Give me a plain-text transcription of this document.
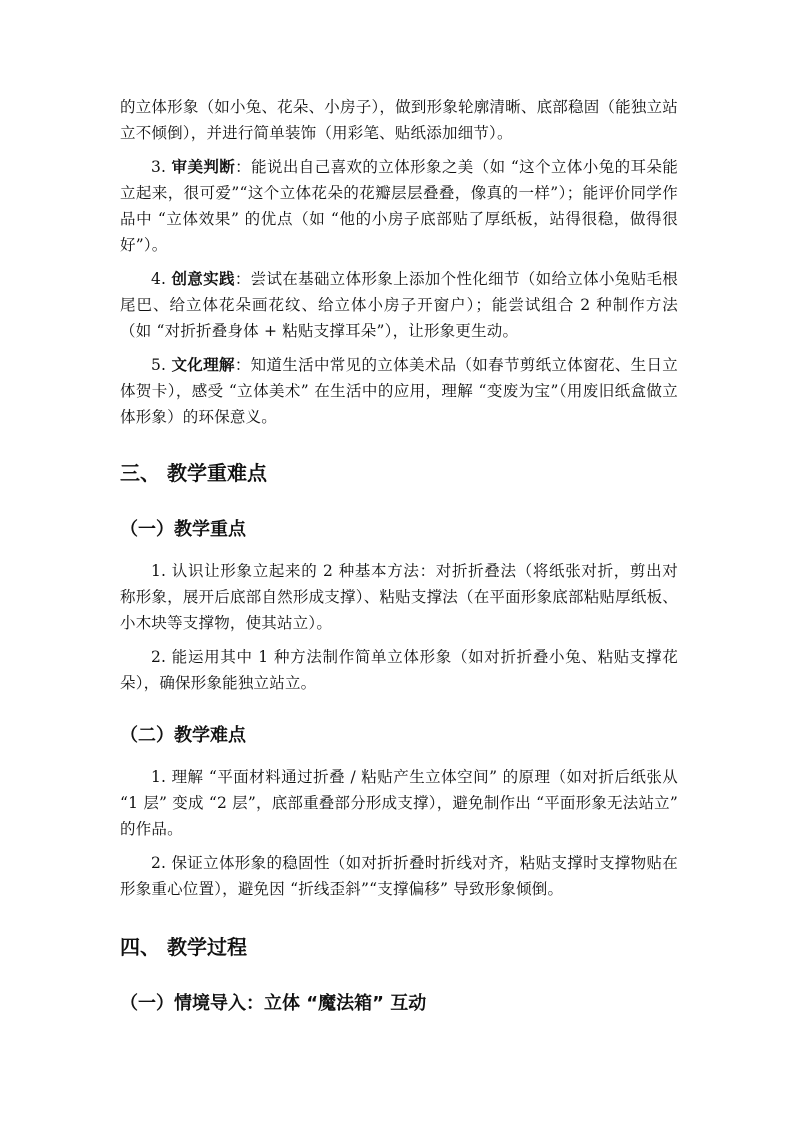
的立体形象（如小兔、花朵、小房子），做到形象轮廓清晰、底部稳固（能独立站立不倾倒），并进行简单装饰（用彩笔、贴纸添加细节）。

3. 审美判断：能说出自己喜欢的立体形象之美（如 “这个立体小兔的耳朵能立起来，很可爱”“这个立体花朵的花瓣层层叠叠，像真的一样”）；能评价同学作品中 “立体效果” 的优点（如 “他的小房子底部贴了厚纸板，站得很稳，做得很好”）。

4. 创意实践：尝试在基础立体形象上添加个性化细节（如给立体小兔贴毛根尾巴、给立体花朵画花纹、给立体小房子开窗户）；能尝试组合 2 种制作方法（如 “对折折叠身体 + 粘贴支撑耳朵”），让形象更生动。

5. 文化理解：知道生活中常见的立体美术品（如春节剪纸立体窗花、生日立体贺卡），感受 “立体美术” 在生活中的应用，理解 “变废为宝”（用废旧纸盒做立体形象）的环保意义。

三、 教学重难点
（一）教学重点

1. 认识让形象立起来的 2 种基本方法：对折折叠法（将纸张对折，剪出对称形象，展开后底部自然形成支撑）、粘贴支撑法（在平面形象底部粘贴厚纸板、小木块等支撑物，使其站立）。

2. 能运用其中 1 种方法制作简单立体形象（如对折折叠小兔、粘贴支撑花朵），确保形象能独立站立。

（二）教学难点

1. 理解 “平面材料通过折叠 / 粘贴产生立体空间” 的原理（如对折后纸张从 “1 层” 变成 “2 层”，底部重叠部分形成支撑），避免制作出 “平面形象无法站立” 的作品。

2. 保证立体形象的稳固性（如对折折叠时折线对齐，粘贴支撑时支撑物贴在形象重心位置），避免因 “折线歪斜”“支撑偏移” 导致形象倾倒。

四、 教学过程
（一）情境导入：立体 “魔法箱” 互动
